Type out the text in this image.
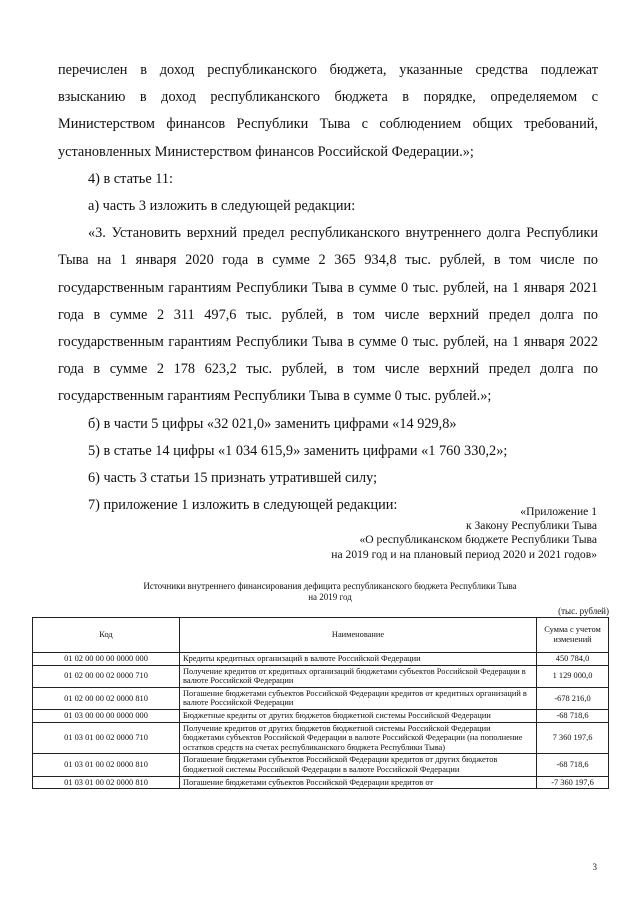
перечислен в доход республиканского бюджета, указанные средства подлежат взысканию в доход республиканского бюджета в порядке, определяемом с Министерством финансов Республики Тыва с соблюдением общих требований, установленных Министерством финансов Российской Федерации.»;

4) в статье 11:

а) часть 3 изложить в следующей редакции:

«3. Установить верхний предел республиканского внутреннего долга Республики Тыва на 1 января 2020 года в сумме 2 365 934,8 тыс. рублей, в том числе по государственным гарантиям Республики Тыва в сумме 0 тыс. рублей, на 1 января 2021 года в сумме 2 311 497,6 тыс. рублей, в том числе верхний предел долга по государственным гарантиям Республики Тыва в сумме 0 тыс. рублей, на 1 января 2022 года в сумме 2 178 623,2 тыс. рублей, в том числе верхний предел долга по государственным гарантиям Республики Тыва в сумме 0 тыс. рублей.»;

б) в части 5 цифры «32 021,0» заменить цифрами «14 929,8»

5) в статье 14 цифры «1 034 615,9» заменить цифрами «1 760 330,2»;

6) часть 3 статьи 15 признать утратившей силу;

7) приложение 1 изложить в следующей редакции:	«Приложение 1
к Закону Республики Тыва
«О республиканском бюджете Республики Тыва
на 2019 год и на плановый период 2020 и 2021 годов»
Источники внутреннего финансирования дефицита республиканского бюджета Республики Тыва
на 2019 год
(тыс. рублей)
Код	Наименование	Сумма с учетом изменений
01 02 00 00 00 0000 000	Кредиты кредитных организаций в валюте Российской Федерации	450 784,0
01 02 00 00 02 0000 710	Получение кредитов от кредитных организаций бюджетами субъектов Российской Федерации в валюте Российской Федерации	1 129 000,0
01 02 00 00 02 0000 810	Погашение бюджетами субъектов Российской Федерации кредитов от кредитных организаций в валюте Российской Федерации	-678 216,0
01 03 00 00 00 0000 000	Бюджетные кредиты от других бюджетов бюджетной системы Российской Федерации	-68 718,6
01 03 01 00 02 0000 710	Получение кредитов от других бюджетов бюджетной системы Российской Федерации бюджетами субъектов Российской Федерации в валюте Российской Федерации (на пополнение остатков средств на счетах республиканского бюджета Республики Тыва)	7 360 197,6
01 03 01 00 02 0000 810	Погашение бюджетами субъектов Российской Федерации кредитов от других бюджетов бюджетной системы Российской Федерации в валюте Российской Федерации	-68 718,6
01 03 01 00 02 0000 810	Погашение бюджетами субъектов Российской Федерации кредитов от	-7 360 197,6
3
